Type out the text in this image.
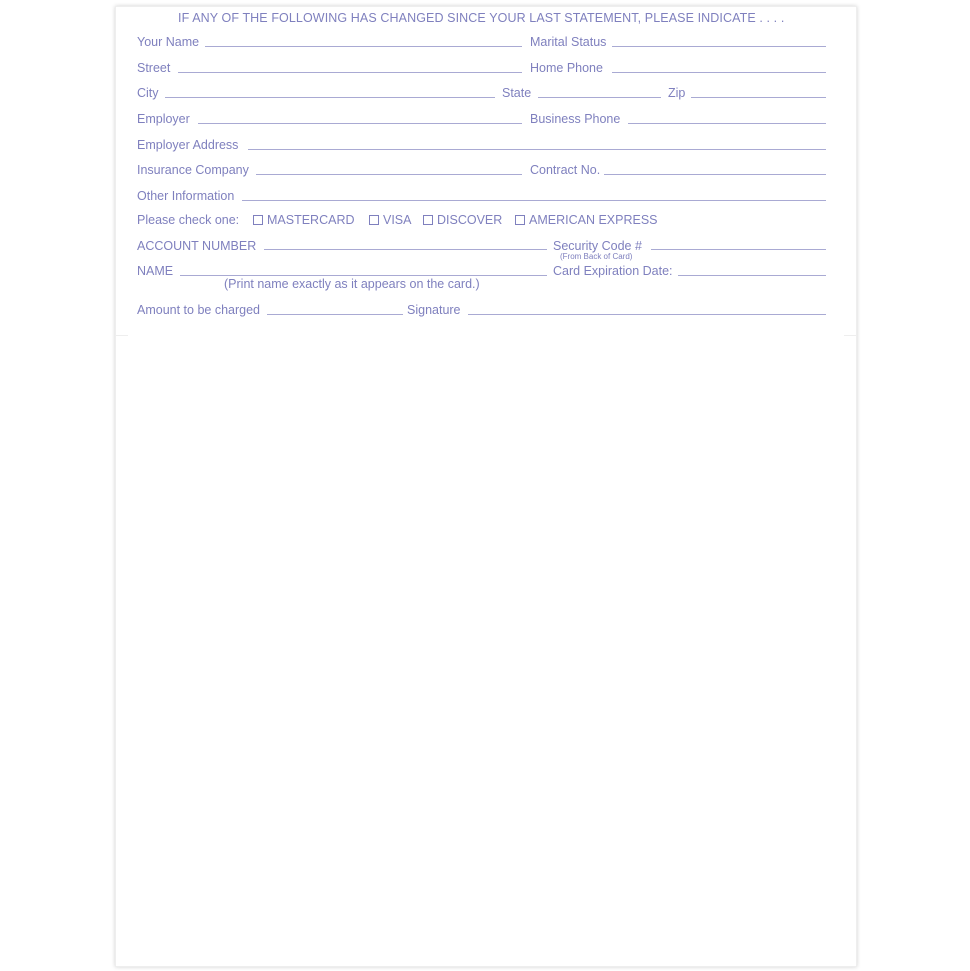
IF ANY OF THE FOLLOWING HAS CHANGED SINCE YOUR LAST STATEMENT, PLEASE INDICATE . . . .
Your Name	Marital Status
Street	Home Phone
City	State	Zip
Employer	Business Phone
Employer Address
Insurance Company	Contract No.
Other Information
Please check one:	MASTERCARD	VISA	DISCOVER	AMERICAN EXPRESS
ACCOUNT NUMBER	Security Code #
(From Back of Card)
NAME	Card Expiration Date:
(Print name exactly as it appears on the card.)
Amount to be charged	Signature
